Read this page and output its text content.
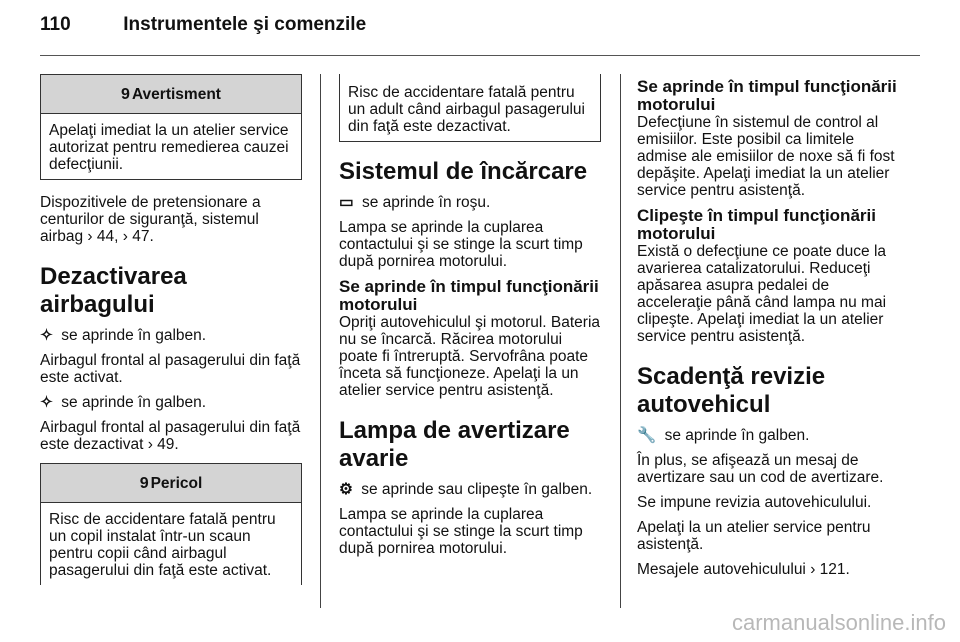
110	Instrumentele şi comenzile
9 Avertisment
Apelaţi imediat la un atelier service autorizat pentru remedierea cauzei defecţiunii.

Dispozitivele de pretensionare a centurilor de siguranţă, sistemul airbag › 44, › 47.

Dezactivarea airbagului

✧ se aprinde în galben.

Airbagul frontal al pasagerului din faţă este activat.

✧ se aprinde în galben.

Airbagul frontal al pasagerului din faţă este dezactivat › 49.

9 Pericol
Risc de accidentare fatală pentru un copil instalat într-un scaun pentru copii când airbagul pasagerului din faţă este activat.
Risc de accidentare fatală pentru un adult când airbagul pasagerului din faţă este dezactivat.
Sistemul de încărcare

▭ se aprinde în roşu.

Lampa se aprinde la cuplarea contactului şi se stinge la scurt timp după pornirea motorului.

Se aprinde în timpul funcţionării motorului

Opriţi autovehiculul şi motorul. Bateria nu se încarcă. Răcirea motorului poate fi întreruptă. Servofrâna poate înceta să funcţioneze. Apelaţi la un atelier service pentru asistenţă.

Lampa de avertizare avarie

⚙ se aprinde sau clipeşte în galben.

Lampa se aprinde la cuplarea contactului şi se stinge la scurt timp după pornirea motorului.

Se aprinde în timpul funcţionării motorului

Defecţiune în sistemul de control al emisiilor. Este posibil ca limitele admise ale emisiilor de noxe să fi fost depăşite. Apelaţi imediat la un atelier service pentru asistenţă.

Clipeşte în timpul funcţionării motorului

Există o defecţiune ce poate duce la avarierea catalizatorului. Reduceţi apăsarea asupra pedalei de acceleraţie până când lampa nu mai clipeşte. Apelaţi imediat la un atelier service pentru asistenţă.

Scadenţă revizie autovehicul

🔧 se aprinde în galben.

În plus, se afişează un mesaj de avertizare sau un cod de avertizare.

Se impune revizia autovehiculului.

Apelaţi la un atelier service pentru asistenţă.

Mesajele autovehiculului › 121.

carmanualsonline.info
